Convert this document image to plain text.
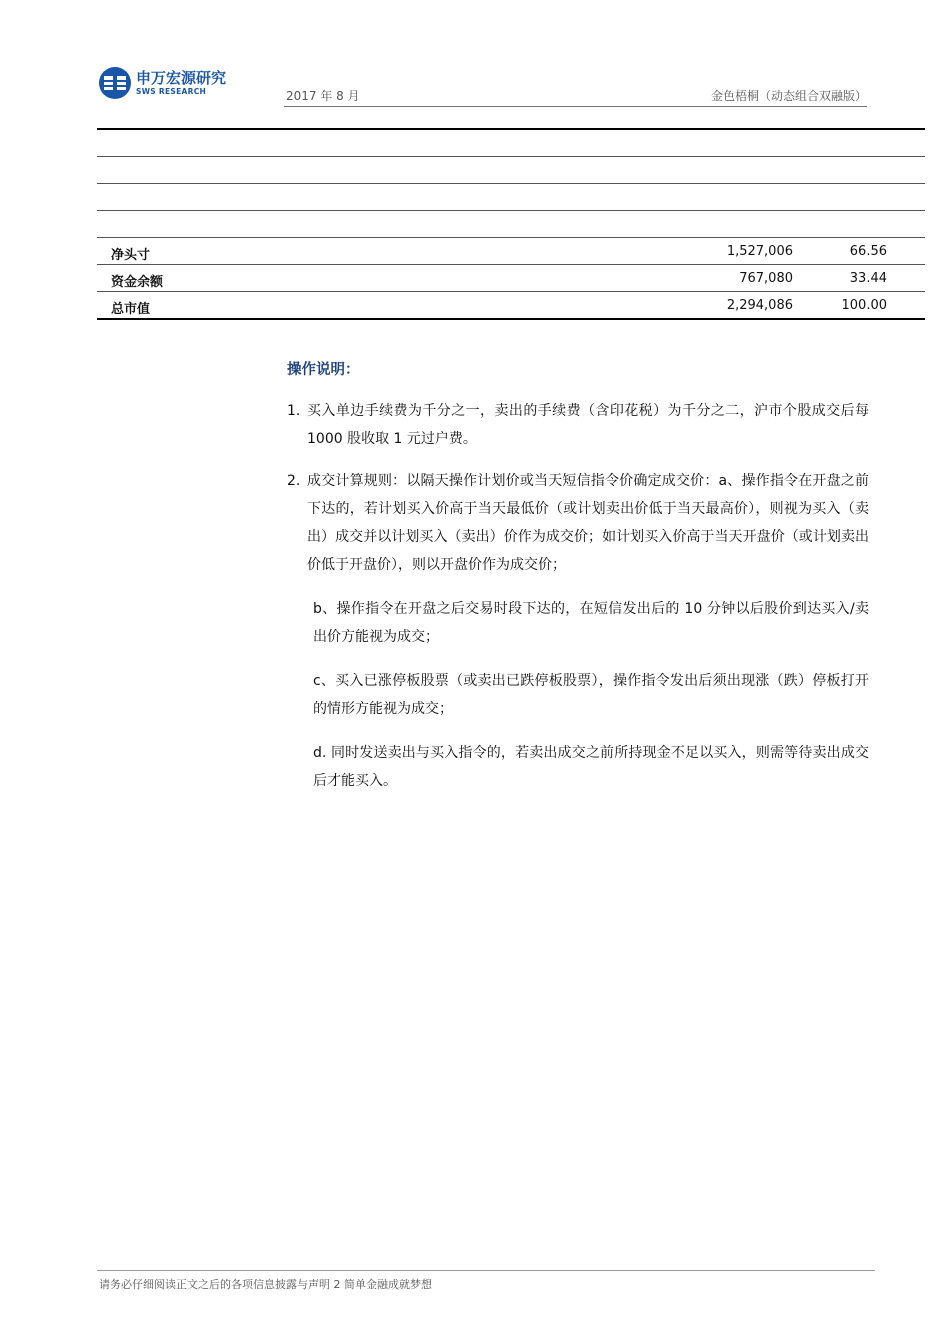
申万宏源研究
SWS RESEARCH	2017 年 8 月	金色梧桐（动态组合双融版）
净头寸	1,527,006	66.56
资金余额	767,080	33.44
总市值	2,294,086	100.00
操作说明：
1. 买入单边手续费为千分之一，卖出的手续费（含印花税）为千分之二，沪市个股成交后每1000 股收取 1 元过户费。
2. 成交计算规则：以隔天操作计划价或当天短信指令价确定成交价：a、操作指令在开盘之前下达的，若计划买入价高于当天最低价（或计划卖出价低于当天最高价），则视为买入（卖出）成交并以计划买入（卖出）价作为成交价；如计划买入价高于当天开盘价（或计划卖出价低于开盘价），则以开盘价作为成交价；
b、操作指令在开盘之后交易时段下达的，在短信发出后的 10 分钟以后股价到达买入/卖出价方能视为成交；
c、买入已涨停板股票（或卖出已跌停板股票），操作指令发出后须出现涨（跌）停板打开的情形方能视为成交；
d. 同时发送卖出与买入指令的，若卖出成交之前所持现金不足以买入，则需等待卖出成交后才能买入。
请务必仔细阅读正文之后的各项信息披露与声明 2 简单金融成就梦想
